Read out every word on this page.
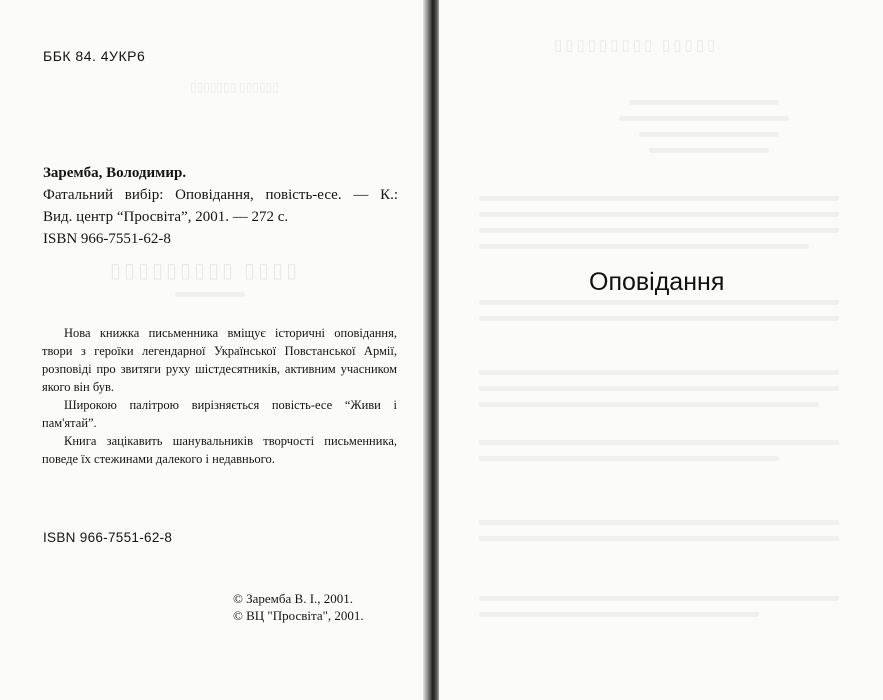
▯▯▯▯▯▯▯ ▯▯▯▯▯▯
▯▯▯▯▯▯▯▯▯ ▯▯▯▯
ББК 84. 4УКР6
Заремба, Володимир.
Фатальний вибір: Оповідання, повість-есе. — К.:
Вид. центр “Просвіта”, 2001. — 272 с.
ISBN 966-7551-62-8

Нова книжка письменника вміщує історичні оповідання, твори з героїки легендарної Української Повстанської Армії, розповіді про звитяги руху шістдесятників, активним учасником якого він був.

Широкою палітрою вирізняється повість-есе “Живи і пам'ятай”.

Книга зацікавить шанувальників творчості письменника, поведе їх стежинами далекого і недавнього.

ISBN 966-7551-62-8
© Заремба В. І., 2001.
© ВЦ "Просвіта", 2001.
▯▯▯▯▯▯▯▯▯ ▯▯▯▯▯
Оповідання
